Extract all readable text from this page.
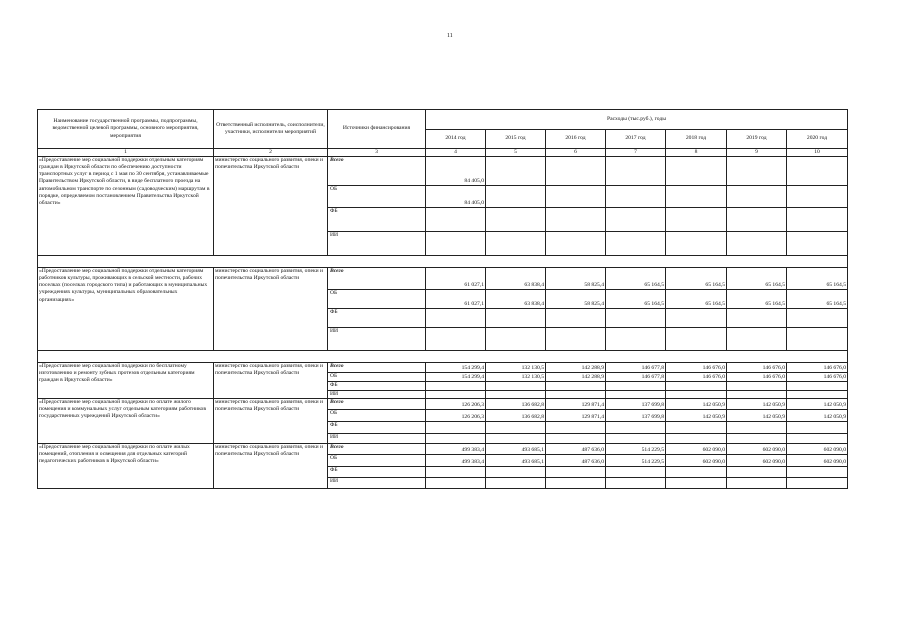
11
Наименование государственной программы, подпрограммы, ведомственной целевой программы, основного мероприятия, мероприятия	Ответственный исполнитель, соисполнители, участники, исполнители мероприятий	Источники финансирования	Расходы (тыс.руб.), годы						
			2014 год	2015 год	2016 год	2017 год	2018 год	2019 год	2020 год
1	2	3	4	5	6	7	8	9	10
«Предоставление мер социальной поддержки отдельным категориям граждан в Иркутской области по обеспечению доступности транспортных услуг в период с 1 мая по 30 сентября, устанавливаемые Правительством Иркутской области, в виде бесплатного проезда на автомобильном транспорте по сезонным (садоводческим) маршрутам в порядке, определяемом постановлением Правительства Иркутской области»	министерство социального развития, опеки и попечительства Иркутской области	Всего	84 405,0						
		ОБ	84 405,0						
		ФБ							
		ИИ							

«Предоставление мер социальной поддержки отдельным категориям работников культуры, проживающих в сельской местности, рабочих поселках (поселках городского типа) и работающих в муниципальных учреждениях культуры, муниципальных образовательных организациях»	министерство социального развития, опеки и попечительства Иркутской области	Всего	61 027,1	63 838,4	58 825,4	65 164,5	65 164,5	65 164,5	65 164,5
		ОБ	61 027,1	63 838,4	58 825,4	65 164,5	65 164,5	65 164,5	65 164,5
		ФБ							
		ИИ							

«Предоставление мер социальной поддержки по бесплатному изготовлению и ремонту зубных протезов отдельным категориям граждан в Иркутской области»	министерство социального развития, опеки и попечительства Иркутской области	Всего	154 299,4	132 130,5	142 288,9	146 677,8	146 676,0	146 676,0	146 676,0
		ОБ	154 299,4	132 130,5	142 288,9	146 677,8	146 676,0	146 676,0	146 676,0
		ФБ							
		ИИ							
«Предоставление мер социальной поддержки по оплате жилого помещения и коммунальных услуг отдельным категориям работников государственных учреждений Иркутской области»	министерство социального развития, опеки и попечительства Иркутской области	Всего	126 206,3	136 682,8	129 871,4	137 699,8	142 050,9	142 050,9	142 050,9
		ОБ	126 206,3	136 682,8	129 871,4	137 699,8	142 050,9	142 050,9	142 050,9
		ФБ							
		ИИ							
«Предоставление мер социальной поддержки по оплате жилых помещений, отопления и освещения для отдельных категорий педагогических работников в Иркутской области»	министерство социального развития, опеки и попечительства Иркутской области	Всего	499 383,4	493 685,1	487 636,0	514 229,5	602 090,0	602 090,0	602 090,0
		ОБ	499 383,4	493 685,1	487 636,0	514 229,5	602 090,0	602 090,0	602 090,0
		ФБ							
		ИИ							
